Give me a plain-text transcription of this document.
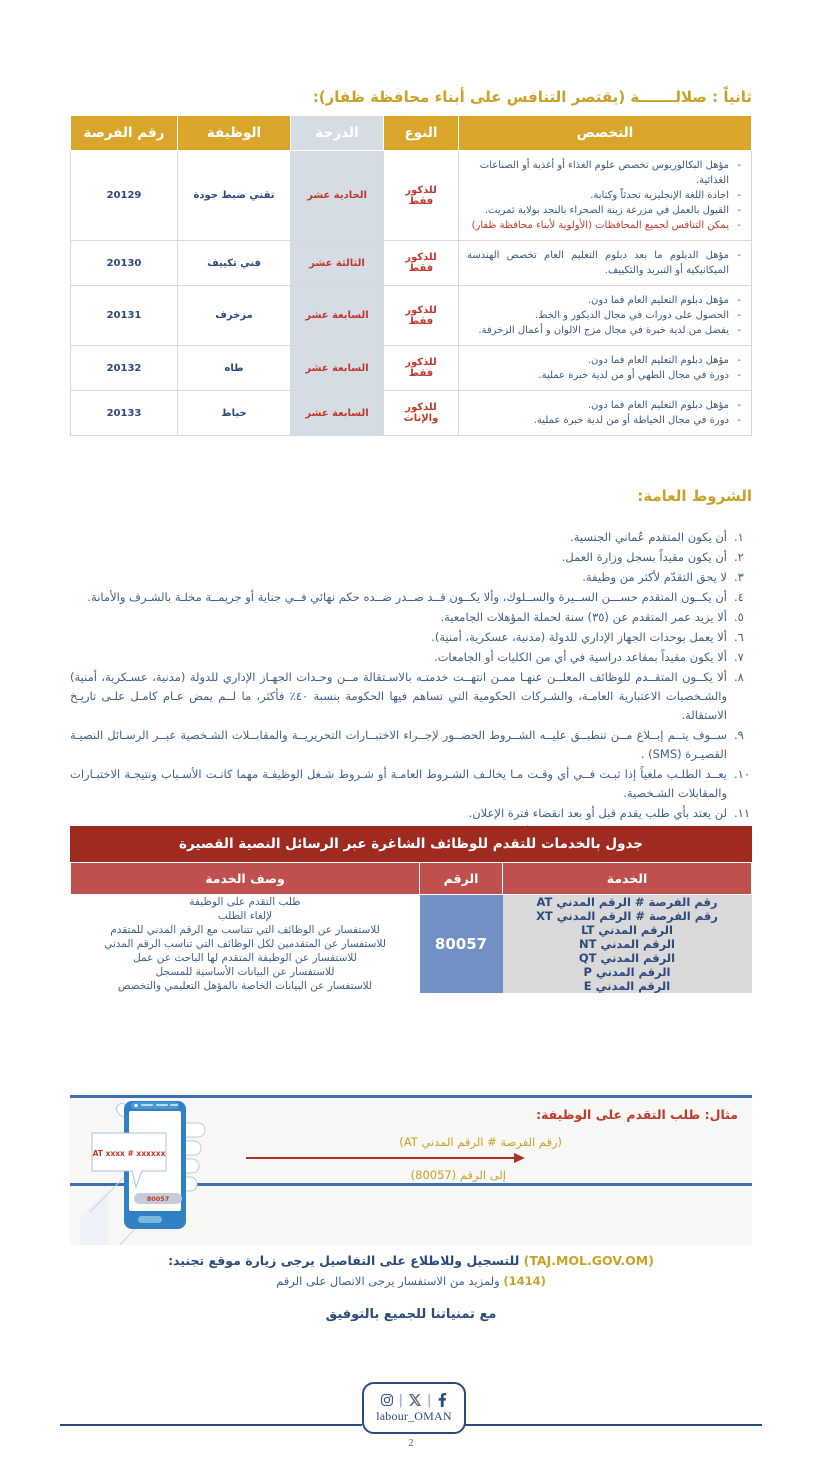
ثانياً : صلالـــــــة (يقتصر التنافس على أبناء محافظة ظفار):
التخصص	النوع	الدرجة	الوظيفة	رقم الفرصة

- مؤهل البكالوريوس تخصص علوم الغذاء أو أغذية أو الصناعات الغذائية.
- اجادة اللغة الإنجليزية تحدثاً وكتابة.
- القبول بالعمل في مزرعة زينة الصحراء بالنجد بولاية ثمريت.
- يمكن التنافس لجميع المحافظات (الأولوية لأبناء محافظة ظفار)
	للذكور فقط	الحادية عشر	تقني ضبط جودة	20129

- مؤهل الدبلوم ما بعد دبلوم التعليم العام تخصص الهندسة الميكانيكية أو التبريد والتكييف.
	للذكور فقط	الثالثة عشر	فني تكييف	20130

- مؤهل دبلوم التعليم العام فما دون.
- الحصول على دورات في مجال الديكور و الخط.
- يفضل من لدية خبرة في مجال مزج الالوان و أعمال الزخرفة.
	للذكور فقط	السابعة عشر	مزخرف	20131

- مؤهل دبلوم التعليم العام فما دون.
- دورة في مجال الطهي أو من لدية خبرة عملية.
	للذكور فقط	السابعة عشر	طاه	20132

- مؤهل دبلوم التعليم العام فما دون.
- دورة في مجال الخياطة أو من لدية خبرة عملية.
	للذكور والإناث	السابعة عشر	خياط	20133
الشروط العامة:
١.
أن يكون المتقدم عُماني الجنسية.
٢.
أن يكون مقيداً بسجل وزارة العمل.
٣.
لا يحق التقدّم لأكثر من وظيفة.
٤.
أن يكــون المتقدم حســـن الســيرة والســلوك، وألا يكــون قــد صــدر ضــده حكم نهائي فــي جناية أو جريمــة مخلـة بالشـرف والأمانة.
٥.
ألا يزيد عمر المتقدم عن (٣٥) سنة لحملة المؤهلات الجامعية.
٦.
ألا يعمل بوحدات الجهاز الإداري للدولة (مدنية، عسكرية، أمنية).
٧.
ألا يكون مقيداً بمقاعد دراسية في أي من الكليات أو الجامعات.
٨.
ألا يكــون المتقــدم للوظائف المعلــن عنهـا ممـن انتهــت خدمتـه بالاسـتقالة مــن وحـدات الجهـاز الإداري للدولة (مدنية، عسـكرية، أمنية) والشـخصيات الاعتبارية العامـة، والشـركات الحكومية التي تساهم فيها الحكومة بنسبة ٤٠٪ فأكثر، ما لــم يمض عـام كامـل علـى تاريـخ الاستقالة.
٩.
ســوف يتــم إبــلاغ مــن تنطبــق عليــه الشــروط الحضــور لإجــراء الاختبــارات التحريريــة والمقابــلات الشـخصية عبــر الرسـائل النصيـة القصيـرة (SMS) .
١٠.
يعــد الطلـب ملغياً إذا ثبـت فــي أي وقـت مـا يخالـف الشـروط العامـة أو شـروط شـغل الوظيفـة مهما كانـت الأسـباب ونتيجـة الاختبـارات والمقابلات الشـخصية.
١١.
لن يعتد بأي طلب يقدم قبل أو بعد انقضاء فترة الإعلان.
جدول بالخدمات للتقدم للوظائف الشاغرة عبر الرسائل النصية القصيرة
الخدمة	الرقم	وصف الخدمة
رقم الفرصة # الرقم المدني AT	80057	طلب التقدم على الوظيفة
رقم الفرصة # الرقم المدني XT		لإلغاء الطلب
الرقم المدني LT		للاستفسار عن الوظائف التي تتناسب مع الرقم المدني للمتقدم
الرقم المدني NT		للاستفسار عن المتقدمين لكل الوظائف التي تناسب الرقم المدني
الرقم المدني QT		للاستفسار عن الوظيفة المتقدم لها الباحث عن عمل
الرقم المدني P		للاستفسار عن البيانات الأساسية للمسجل
الرقم المدني E		للاستفسار عن البيانات الخاصة بالمؤهل التعليمي والتخصص
مثال: طلب التقدم على الوظيفة:
(رقم الفرصة # الرقم المدني AT)
إلى الرقم (80057)
80057
AT xxxx # xxxxxx
(TAJ.MOL.GOV.OM) للتسجيل وللاطلاع على التفاصيل يرجى زيارة موقع تجنيد:
(1414) ولمزيد من الاستفسار يرجى الاتصال على الرقم
مع تمنياتنا للجميع بالتوفيق
|
|
labour_OMAN
2
